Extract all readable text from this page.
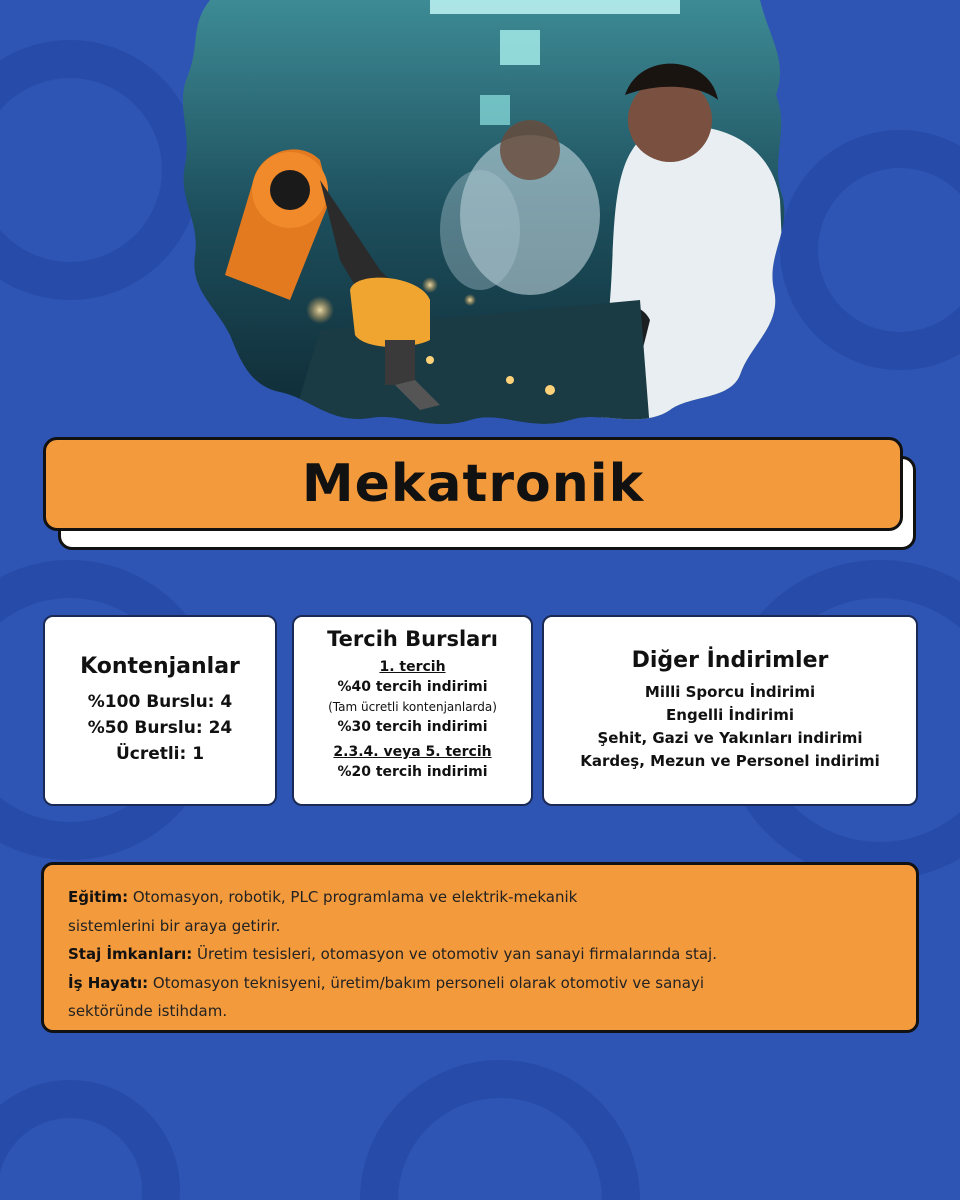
Mekatronik
Kontenjanlar
%100 Burslu: 4
%50 Burslu: 24
Ücretli: 1
Tercih Bursları
1. tercih
%40 tercih indirimi
(Tam ücretli kontenjanlarda)
%30 tercih indirimi
2.3.4. veya 5. tercih
%20 tercih indirimi
Diğer İndirimler
Milli Sporcu İndirimi
Engelli İndirimi
Şehit, Gazi ve Yakınları indirimi
Kardeş, Mezun ve Personel indirimi
Eğitim: Otomasyon, robotik, PLC programlama ve elektrik-mekanik
sistemlerini bir araya getirir.
Staj İmkanları: Üretim tesisleri, otomasyon ve otomotiv yan sanayi firmalarında staj.
İş Hayatı: Otomasyon teknisyeni, üretim/bakım personeli olarak otomotiv ve sanayi
sektöründe istihdam.
